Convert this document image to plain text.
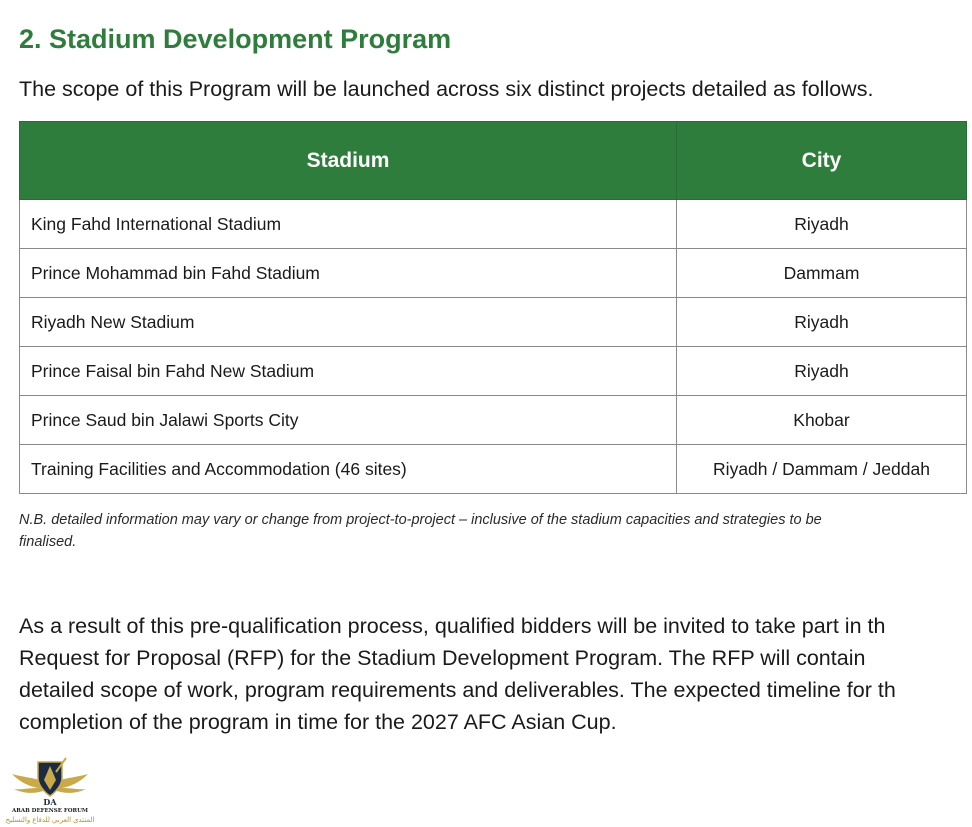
2. Stadium Development Program
The scope of this Program will be launched across six distinct projects detailed as follows.
Stadium	City
King Fahd International Stadium	Riyadh
Prince Mohammad bin Fahd Stadium	Dammam
Riyadh New Stadium	Riyadh
Prince Faisal bin Fahd New Stadium	Riyadh
Prince Saud bin Jalawi Sports City	Khobar
Training Facilities and Accommodation (46 sites)	Riyadh / Dammam / Jeddah
N.B. detailed information may vary or change from project-to-project – inclusive of the stadium capacities and strategies to be
finalised.
As a result of this pre-qualification process, qualified bidders will be invited to take part in th
Request for Proposal (RFP) for the Stadium Development Program. The RFP will contain
detailed scope of work, program requirements and deliverables. The expected timeline for th
completion of the program in time for the 2027 AFC Asian Cup.
DA
ARAB DEFENSE FORUM
المنتدى العربي للدفاع والتسليح
